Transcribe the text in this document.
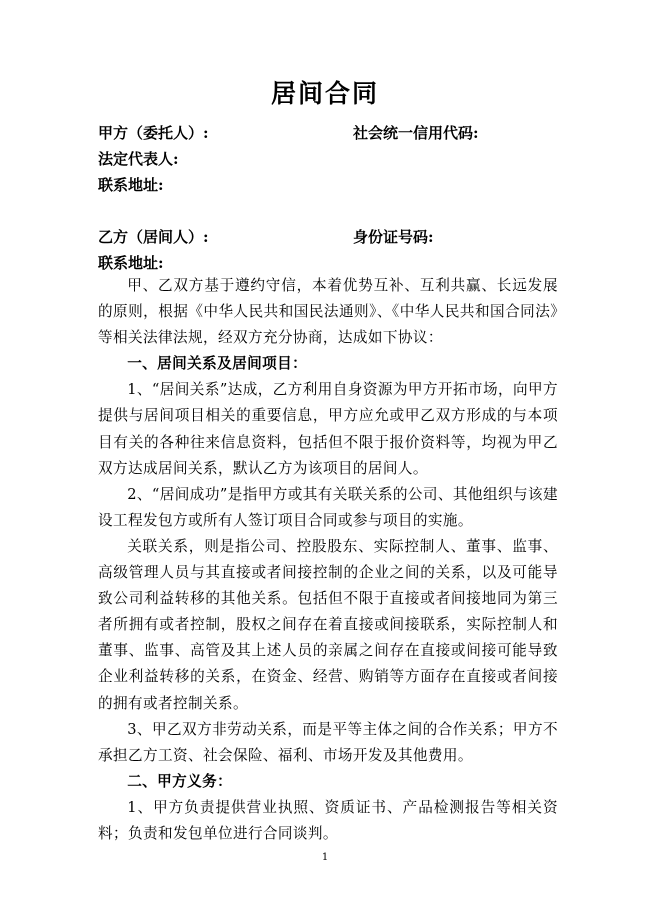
居间合同
甲方（委托人）:	社会统一信用代码:
法定代表人:
联系地址:
乙方（居间人）:	身份证号码:
联系地址:

甲、乙双方基于遵约守信，本着优势互补、互利共赢、长远发展的原则，根据《中华人民共和国民法通则》、《中华人民共和国合同法》等相关法律法规，经双方充分协商，达成如下协议：

一、居间关系及居间项目：

1、“居间关系”达成，乙方利用自身资源为甲方开拓市场，向甲方提供与居间项目相关的重要信息，甲方应允或甲乙双方形成的与本项目有关的各种往来信息资料，包括但不限于报价资料等，均视为甲乙双方达成居间关系，默认乙方为该项目的居间人。

2、“居间成功”是指甲方或其有关联关系的公司、其他组织与该建设工程发包方或所有人签订项目合同或参与项目的实施。

关联关系，则是指公司、控股股东、实际控制人、董事、监事、高级管理人员与其直接或者间接控制的企业之间的关系，以及可能导致公司利益转移的其他关系。包括但不限于直接或者间接地同为第三者所拥有或者控制，股权之间存在着直接或间接联系，实际控制人和董事、监事、高管及其上述人员的亲属之间存在直接或间接可能导致企业利益转移的关系，在资金、经营、购销等方面存在直接或者间接的拥有或者控制关系。

3、甲乙双方非劳动关系，而是平等主体之间的合作关系；甲方不承担乙方工资、社会保险、福利、市场开发及其他费用。

二、甲方义务：

1、甲方负责提供营业执照、资质证书、产品检测报告等相关资料；负责和发包单位进行合同谈判。

1
